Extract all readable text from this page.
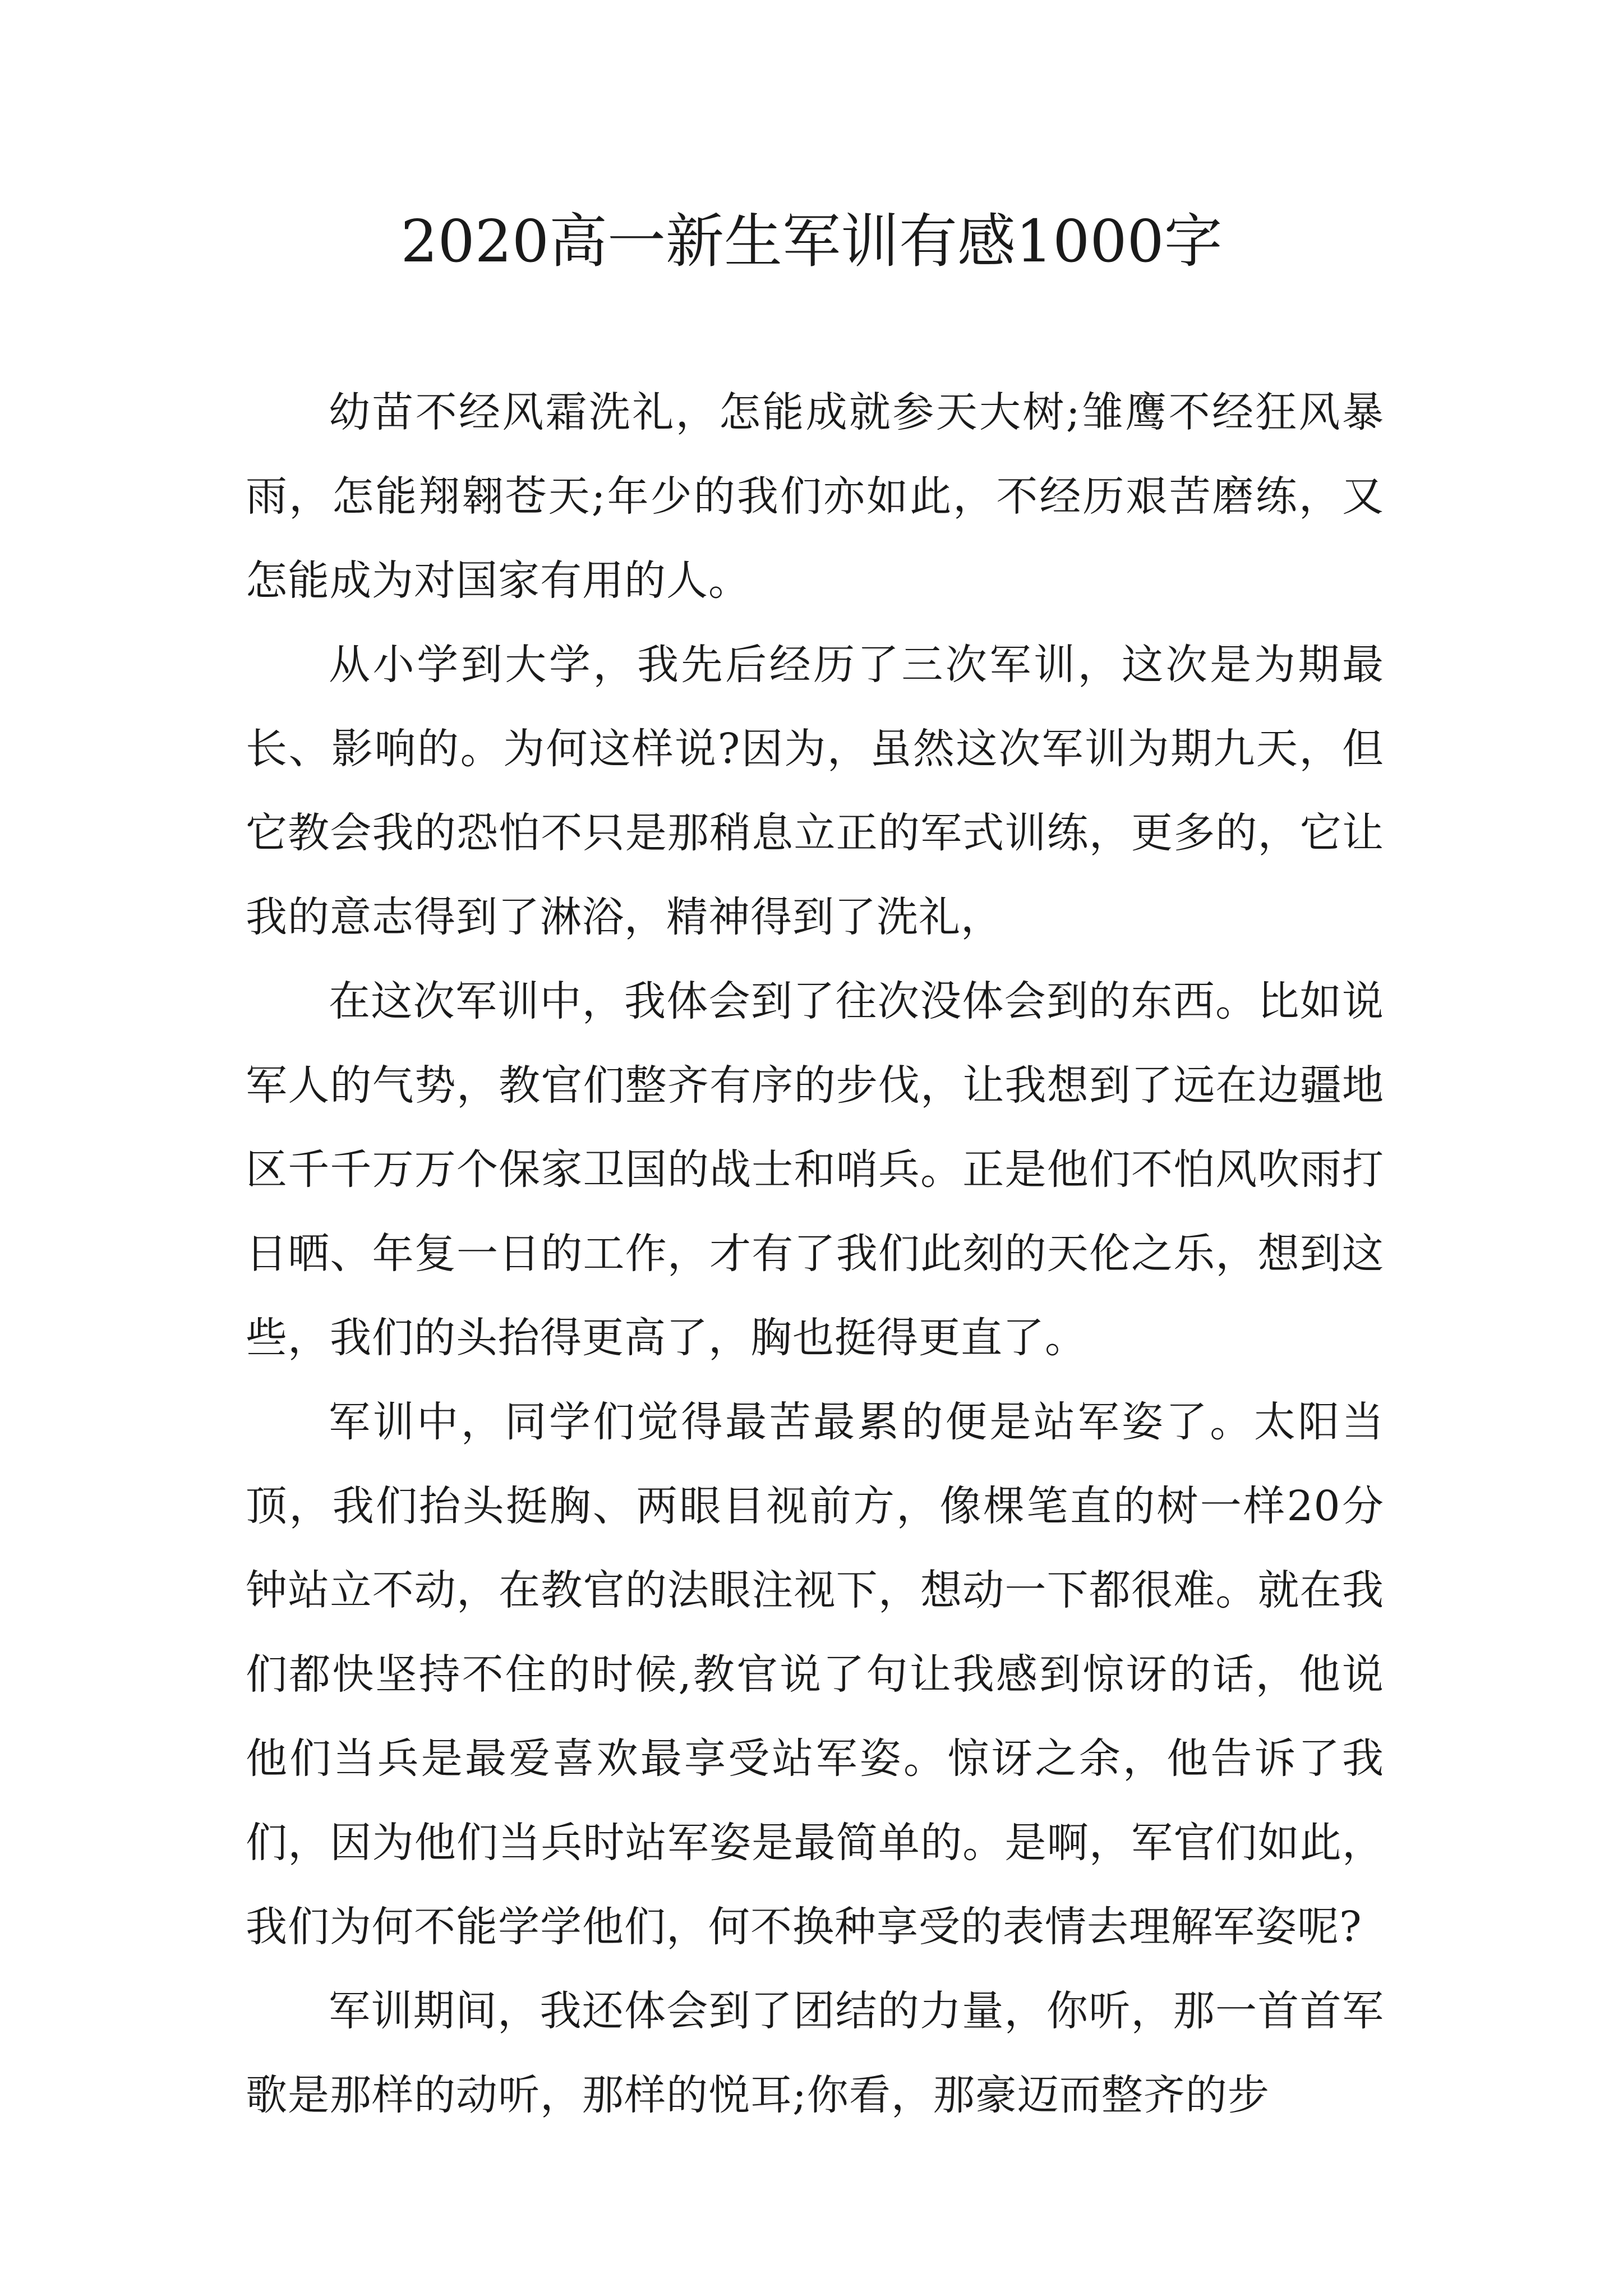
2020高一新生军训有感1000字

幼苗不经风霜洗礼，怎能成就参天大树;雏鹰不经狂风暴雨，怎能翔翱苍天;年少的我们亦如此，不经历艰苦磨练，又怎能成为对国家有用的人。

从小学到大学，我先后经历了三次军训，这次是为期最长、影响的。为何这样说?因为，虽然这次军训为期九天，但它教会我的恐怕不只是那稍息立正的军式训练，更多的，它让我的意志得到了淋浴，精神得到了洗礼，

在这次军训中，我体会到了往次没体会到的东西。比如说军人的气势，教官们整齐有序的步伐，让我想到了远在边疆地区千千万万个保家卫国的战士和哨兵。正是他们不怕风吹雨打日晒、年复一日的工作，才有了我们此刻的天伦之乐，想到这些，我们的头抬得更高了，胸也挺得更直了。

军训中，同学们觉得最苦最累的便是站军姿了。太阳当顶，我们抬头挺胸、两眼目视前方，像棵笔直的树一样20分钟站立不动，在教官的法眼注视下，想动一下都很难。就在我们都快坚持不住的时候,教官说了句让我感到惊讶的话，他说他们当兵是最爱喜欢最享受站军姿。惊讶之余，他告诉了我们，因为他们当兵时站军姿是最简单的。是啊，军官们如此，我们为何不能学学他们，何不换种享受的表情去理解军姿呢?

军训期间，我还体会到了团结的力量，你听，那一首首军歌是那样的动听，那样的悦耳;你看，那豪迈而整齐的步
